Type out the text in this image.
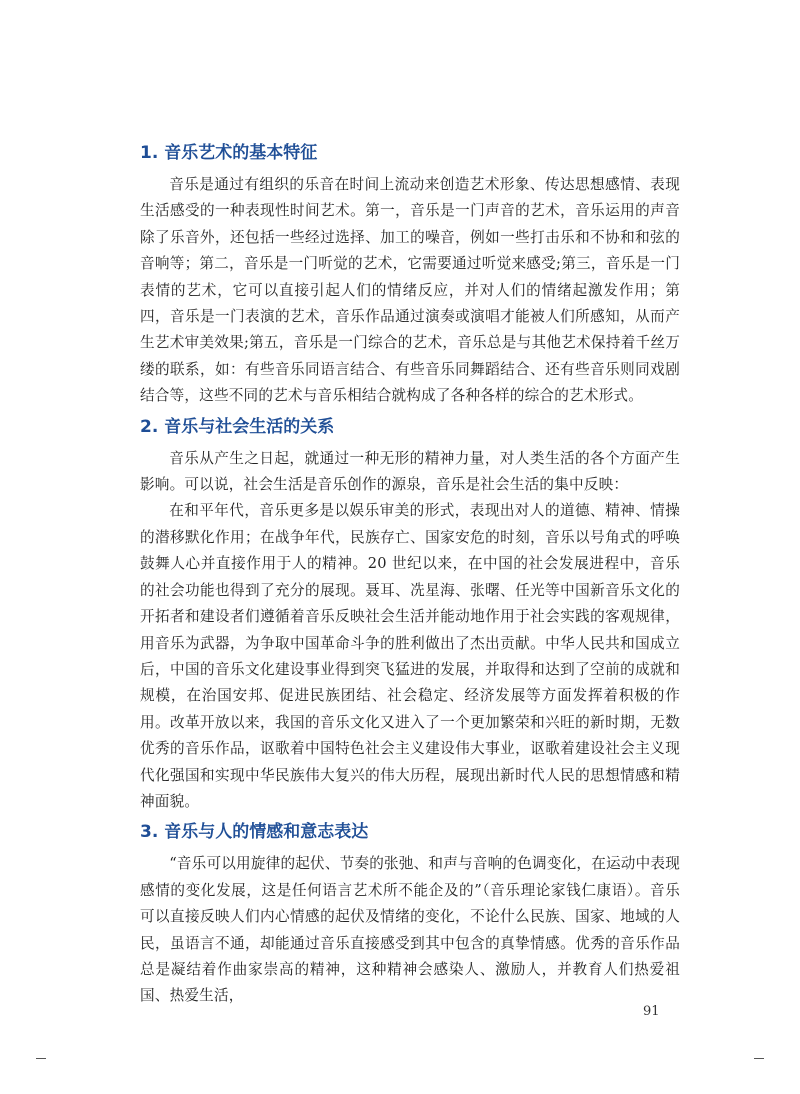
1. 音乐艺术的基本特征

音乐是通过有组织的乐音在时间上流动来创造艺术形象、传达思想感情、表现生活感受的一种表现性时间艺术。第一，音乐是一门声音的艺术，音乐运用的声音除了乐音外，还包括一些经过选择、加工的噪音，例如一些打击乐和不协和和弦的音响等；第二，音乐是一门听觉的艺术，它需要通过听觉来感受;第三，音乐是一门表情的艺术，它可以直接引起人们的情绪反应，并对人们的情绪起激发作用；第四，音乐是一门表演的艺术，音乐作品通过演奏或演唱才能被人们所感知，从而产生艺术审美效果;第五，音乐是一门综合的艺术，音乐总是与其他艺术保持着千丝万缕的联系，如：有些音乐同语言结合、有些音乐同舞蹈结合、还有些音乐则同戏剧结合等，这些不同的艺术与音乐相结合就构成了各种各样的综合的艺术形式。

2. 音乐与社会生活的关系

音乐从产生之日起，就通过一种无形的精神力量，对人类生活的各个方面产生影响。可以说，社会生活是音乐创作的源泉，音乐是社会生活的集中反映：

在和平年代，音乐更多是以娱乐审美的形式，表现出对人的道德、精神、情操的潜移默化作用；在战争年代，民族存亡、国家安危的时刻，音乐以号角式的呼唤鼓舞人心并直接作用于人的精神。20 世纪以来，在中国的社会发展进程中，音乐的社会功能也得到了充分的展现。聂耳、冼星海、张曙、任光等中国新音乐文化的开拓者和建设者们遵循着音乐反映社会生活并能动地作用于社会实践的客观规律，用音乐为武器，为争取中国革命斗争的胜利做出了杰出贡献。中华人民共和国成立后，中国的音乐文化建设事业得到突飞猛进的发展，并取得和达到了空前的成就和规模，在治国安邦、促进民族团结、社会稳定、经济发展等方面发挥着积极的作用。改革开放以来，我国的音乐文化又进入了一个更加繁荣和兴旺的新时期，无数优秀的音乐作品，讴歌着中国特色社会主义建设伟大事业，讴歌着建设社会主义现代化强国和实现中华民族伟大复兴的伟大历程，展现出新时代人民的思想情感和精神面貌。

3. 音乐与人的情感和意志表达

“音乐可以用旋律的起伏、节奏的张弛、和声与音响的色调变化，在运动中表现感情的变化发展，这是任何语言艺术所不能企及的”（音乐理论家钱仁康语）。音乐可以直接反映人们内心情感的起伏及情绪的变化，不论什么民族、国家、地域的人民，虽语言不通，却能通过音乐直接感受到其中包含的真挚情感。优秀的音乐作品总是凝结着作曲家崇高的精神，这种精神会感染人、激励人，并教育人们热爱祖国、热爱生活，

91
